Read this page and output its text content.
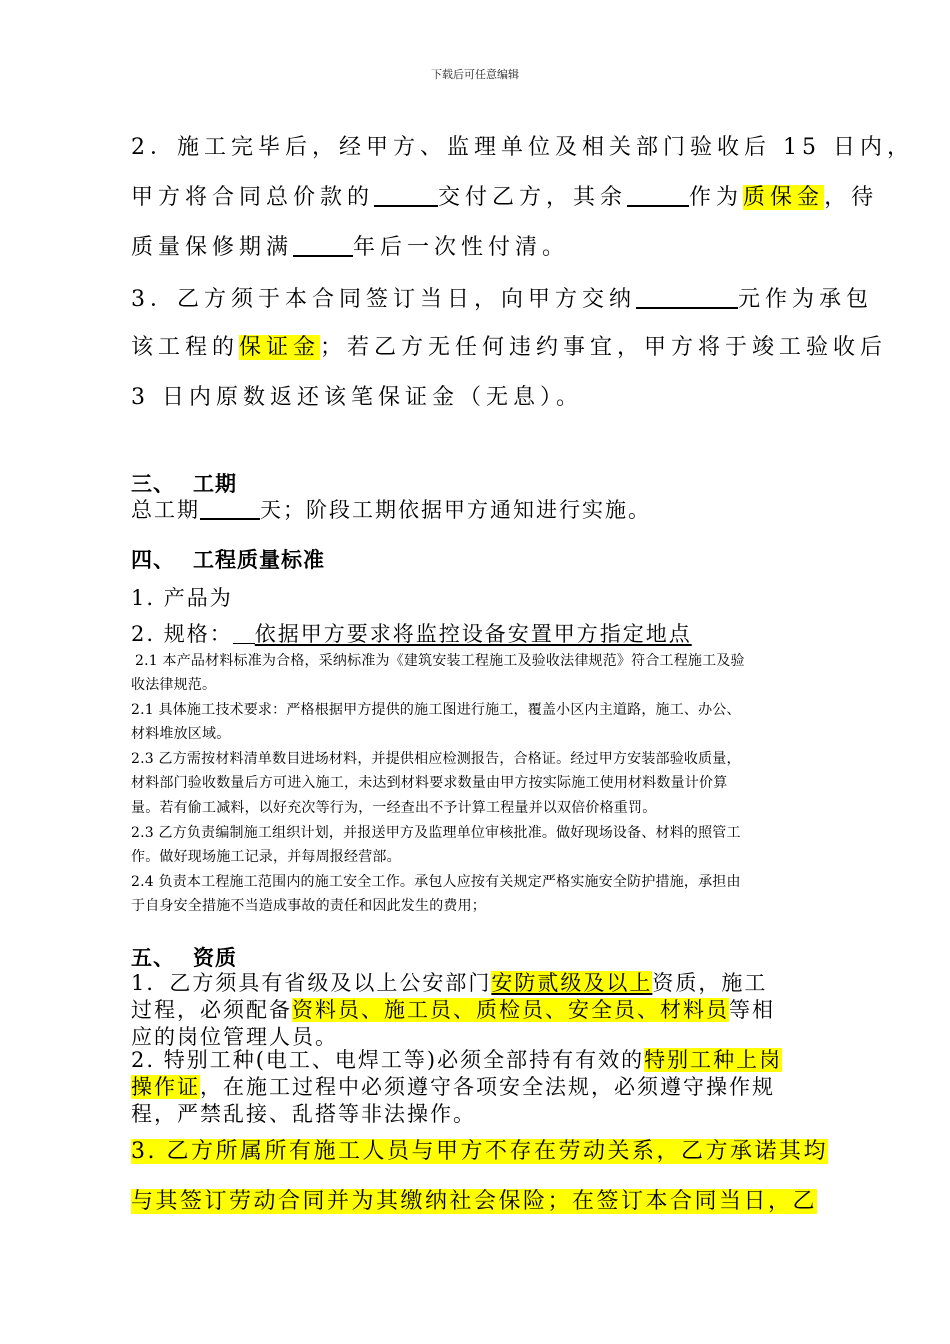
下载后可任意编辑
2．施工完毕后，经甲方、监理单位及相关部门验收后 15 日内，
甲方将合同总价款的	交付乙方，其余	作为质保金，待
质量保修期满	年后一次性付清。
3．乙方须于本合同签订当日，向甲方交纳	元作为承包
该工程的保证金；若乙方无任何违约事宜，甲方将于竣工验收后
3 日内原数返还该笔保证金（无息）。
三、 工期
总工期	天；阶段工期依据甲方通知进行实施。
四、 工程质量标准
1. 产品为
2. 规格： 依据甲方要求将监控设备安置甲方指定地点
2.1 本产品材料标准为合格，采纳标准为《建筑安装工程施工及验收法律规范》符合工程施工及验
收法律规范。
2.1 具体施工技术要求：严格根据甲方提供的施工图进行施工，覆盖小区内主道路，施工、办公、
材料堆放区域。
2.3 乙方需按材料清单数目进场材料，并提供相应检测报告，合格证。经过甲方安装部验收质量，
材料部门验收数量后方可进入施工，未达到材料要求数量由甲方按实际施工使用材料数量计价算
量。若有偷工减料，以好充次等行为，一经查出不予计算工程量并以双倍价格重罚。
2.3 乙方负责编制施工组织计划，并报送甲方及监理单位审核批准。做好现场设备、材料的照管工
作。做好现场施工记录，并每周报经营部。
2.4 负责本工程施工范围内的施工安全工作。承包人应按有关规定严格实施安全防护措施，承担由
于自身安全措施不当造成事故的责任和因此发生的费用；
五、 资质
1．乙方须具有省级及以上公安部门安防贰级及以上资质，施工
过程，必须配备资料员、施工员、质检员、安全员、材料员等相
应的岗位管理人员。
2. 特别工种(电工、电焊工等)必须全部持有有效的特别工种上岗
操作证，在施工过程中必须遵守各项安全法规，必须遵守操作规
程，严禁乱接、乱搭等非法操作。
3. 乙方所属所有施工人员与甲方不存在劳动关系，乙方承诺其均
与其签订劳动合同并为其缴纳社会保险；在签订本合同当日，乙
